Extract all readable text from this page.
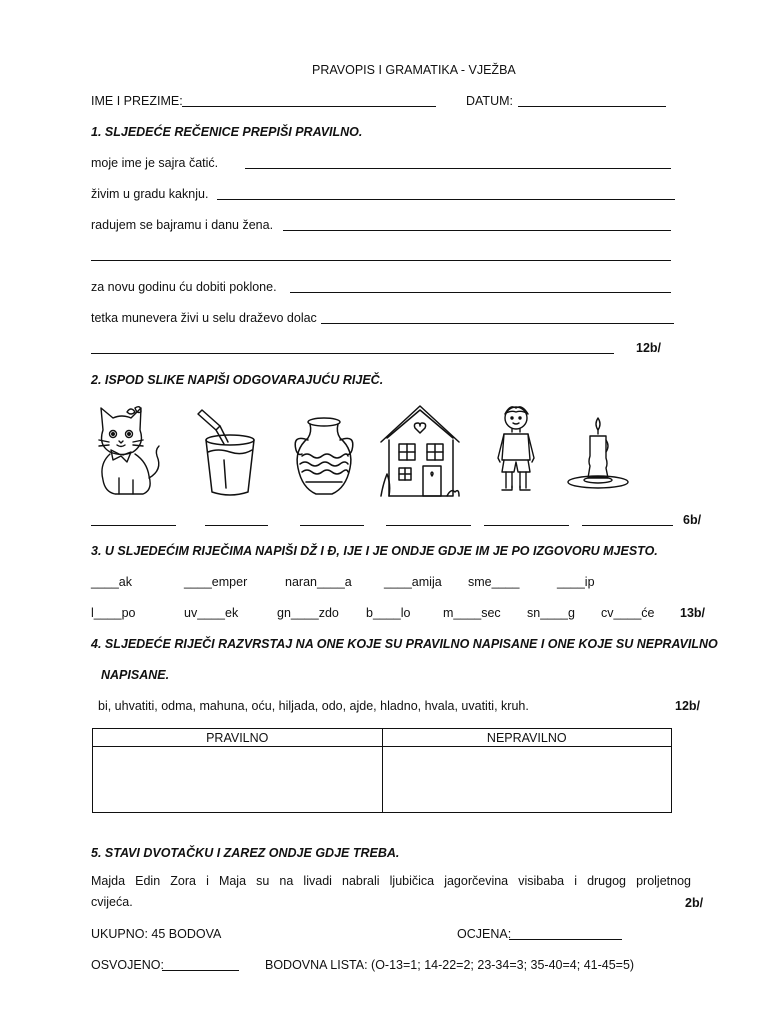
PRAVOPIS I GRAMATIKA - VJEŽBA
IME I PREZIME:	DATUM:
1. SLJEDEĆE REČENICE PREPIŠI PRAVILNO.
moje ime je sajra čatić.
živim u gradu kaknju.
radujem se bajramu i danu žena.
za novu godinu ću dobiti poklone.
tetka munevera živi u selu draževo dolac
12b/
2. ISPOD SLIKE NAPIŠI ODGOVARAJUĆU RIJEČ.
6b/
3. U SLJEDEĆIM RIJEČIMA NAPIŠI DŽ I Đ, IJE I JE ONDJE GDJE IM JE PO IZGOVORU MJESTO.
____ak	____emper	naran____a	____amija sme____	____ip
l____po	uv____ek	gn____zdo b____lo	m____sec sn____g cv____će 13b/
4. SLJEDEĆE RIJEČI RAZVRSTAJ NA ONE KOJE SU PRAVILNO NAPISANE I ONE KOJE SU NEPRAVILNO
NAPISANE.
bi, uhvatiti, odma, mahuna, oću, hiljada, odo, ajde, hladno, hvala, uvatiti, kruh.	12b/
PRAVILNO	NEPRAVILNO

5. STAVI DVOTAČKU I ZAREZ ONDJE GDJE TREBA.
Majda Edin Zora i Maja su na livadi nabrali ljubičica jagorčevina visibaba i drugog proljetnog
cvijeća.	2b/
UKUPNO: 45 BODOVA	OCJENA:
OSVOJENO:	BODOVNA LISTA: (O-13=1; 14-22=2; 23-34=3; 35-40=4; 41-45=5)
